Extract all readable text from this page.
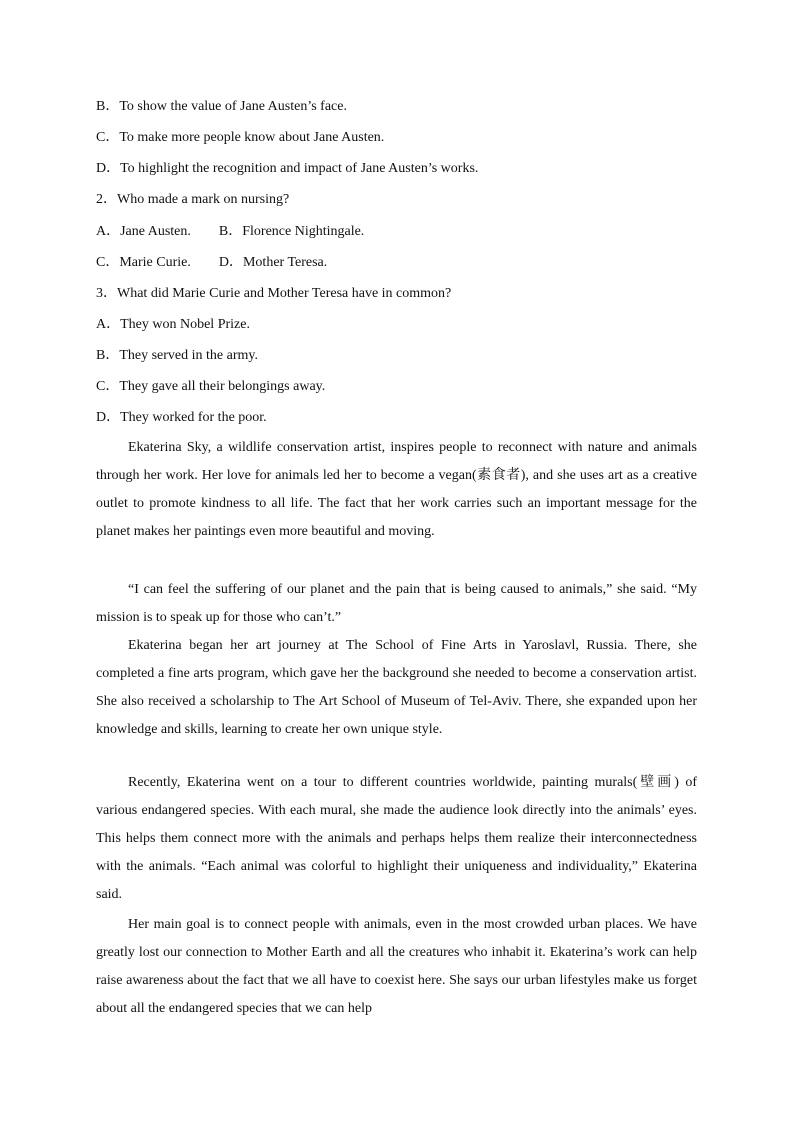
B．To show the value of Jane Austen’s face.
C．To make more people know about Jane Austen.
D．To highlight the recognition and impact of Jane Austen’s works.
2．Who made a mark on nursing?
A．Jane Austen. B．Florence Nightingale.
C．Marie Curie. D．Mother Teresa.
3．What did Marie Curie and Mother Teresa have in common?
A．They won Nobel Prize.
B．They served in the army.
C．They gave all their belongings away.
D．They worked for the poor.

Ekaterina Sky, a wildlife conservation artist, inspires people to reconnect with nature and animals through her work. Her love for animals led her to become a vegan(素食者), and she uses art as a creative outlet to promote kindness to all life. The fact that her work carries such an important message for the planet makes her paintings even more beautiful and moving.

“I can feel the suffering of our planet and the pain that is being caused to animals,” she said. “My mission is to speak up for those who can’t.”

Ekaterina began her art journey at The School of Fine Arts in Yaroslavl, Russia. There, she completed a fine arts program, which gave her the background she needed to become a conservation artist. She also received a scholarship to The Art School of Museum of Tel-Aviv. There, she expanded upon her knowledge and skills, learning to create her own unique style.

Recently, Ekaterina went on a tour to different countries worldwide, painting murals(壁画) of various endangered species. With each mural, she made the audience look directly into the animals’ eyes. This helps them connect more with the animals and perhaps helps them realize their interconnectedness with the animals. “Each animal was colorful to highlight their uniqueness and individuality,” Ekaterina said.

Her main goal is to connect people with animals, even in the most crowded urban places. We have greatly lost our connection to Mother Earth and all the creatures who inhabit it. Ekaterina’s work can help raise awareness about the fact that we all have to coexist here. She says our urban lifestyles make us forget about all the endangered species that we can help
